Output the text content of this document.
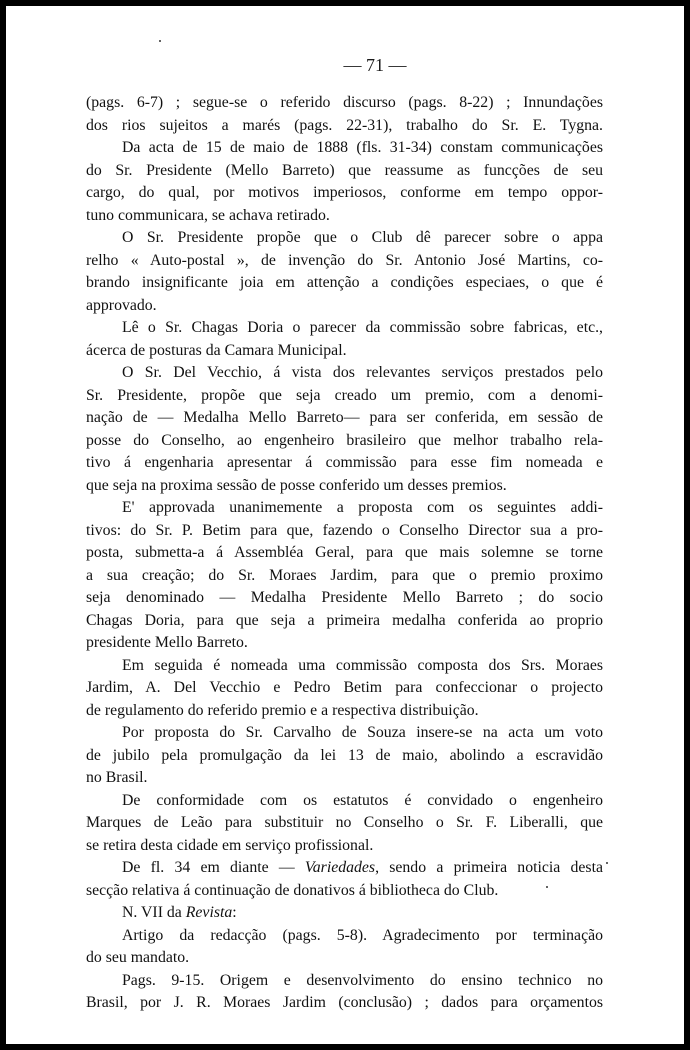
— 71 —
(pags. 6-7) ; segue-se o referido discurso (pags. 8-22) ; Innundações
dos rios sujeitos a marés (pags. 22-31), trabalho do Sr. E. Tygna.
Da acta de 15 de maio de 1888 (fls. 31-34) constam communicações
do Sr. Presidente (Mello Barreto) que reassume as funcções de seu
cargo, do qual, por motivos imperiosos, conforme em tempo oppor-
tuno communicara, se achava retirado.
O Sr. Presidente propõe que o Club dê parecer sobre o appa
relho « Auto-postal », de invenção do Sr. Antonio José Martins, co-
brando insignificante joia em attenção a condições especiaes, o que é
approvado.
Lê o Sr. Chagas Doria o parecer da commissão sobre fabricas, etc.,
ácerca de posturas da Camara Municipal.
O Sr. Del Vecchio, á vista dos relevantes serviços prestados pelo
Sr. Presidente, propõe que seja creado um premio, com a denomi-
nação de — Medalha Mello Barreto— para ser conferida, em sessão de
posse do Conselho, ao engenheiro brasileiro que melhor trabalho rela-
tivo á engenharia apresentar á commissão para esse fim nomeada e
que seja na proxima sessão de posse conferido um desses premios.
E' approvada unanimemente a proposta com os seguintes addi-
tivos: do Sr. P. Betim para que, fazendo o Conselho Director sua a pro-
posta, submetta-a á Assembléa Geral, para que mais solemne se torne
a sua creação; do Sr. Moraes Jardim, para que o premio proximo
seja denominado — Medalha Presidente Mello Barreto ; do socio
Chagas Doria, para que seja a primeira medalha conferida ao proprio
presidente Mello Barreto.
Em seguida é nomeada uma commissão composta dos Srs. Moraes
Jardim, A. Del Vecchio e Pedro Betim para confeccionar o projecto
de regulamento do referido premio e a respectiva distribuição.
Por proposta do Sr. Carvalho de Souza insere-se na acta um voto
de jubilo pela promulgação da lei 13 de maio, abolindo a escravidão
no Brasil.
De conformidade com os estatutos é convidado o engenheiro
Marques de Leão para substituir no Conselho o Sr. F. Liberalli, que
se retira desta cidade em serviço profissional.
De fl. 34 em diante — Variedades, sendo a primeira noticia desta
secção relativa á continuação de donativos á bibliotheca do Club.
N. VII da Revista:
Artigo da redacção (pags. 5-8). Agradecimento por terminação
do seu mandato.
Pags. 9-15. Origem e desenvolvimento do ensino technico no
Brasil, por J. R. Moraes Jardim (conclusão) ; dados para orçamentos
